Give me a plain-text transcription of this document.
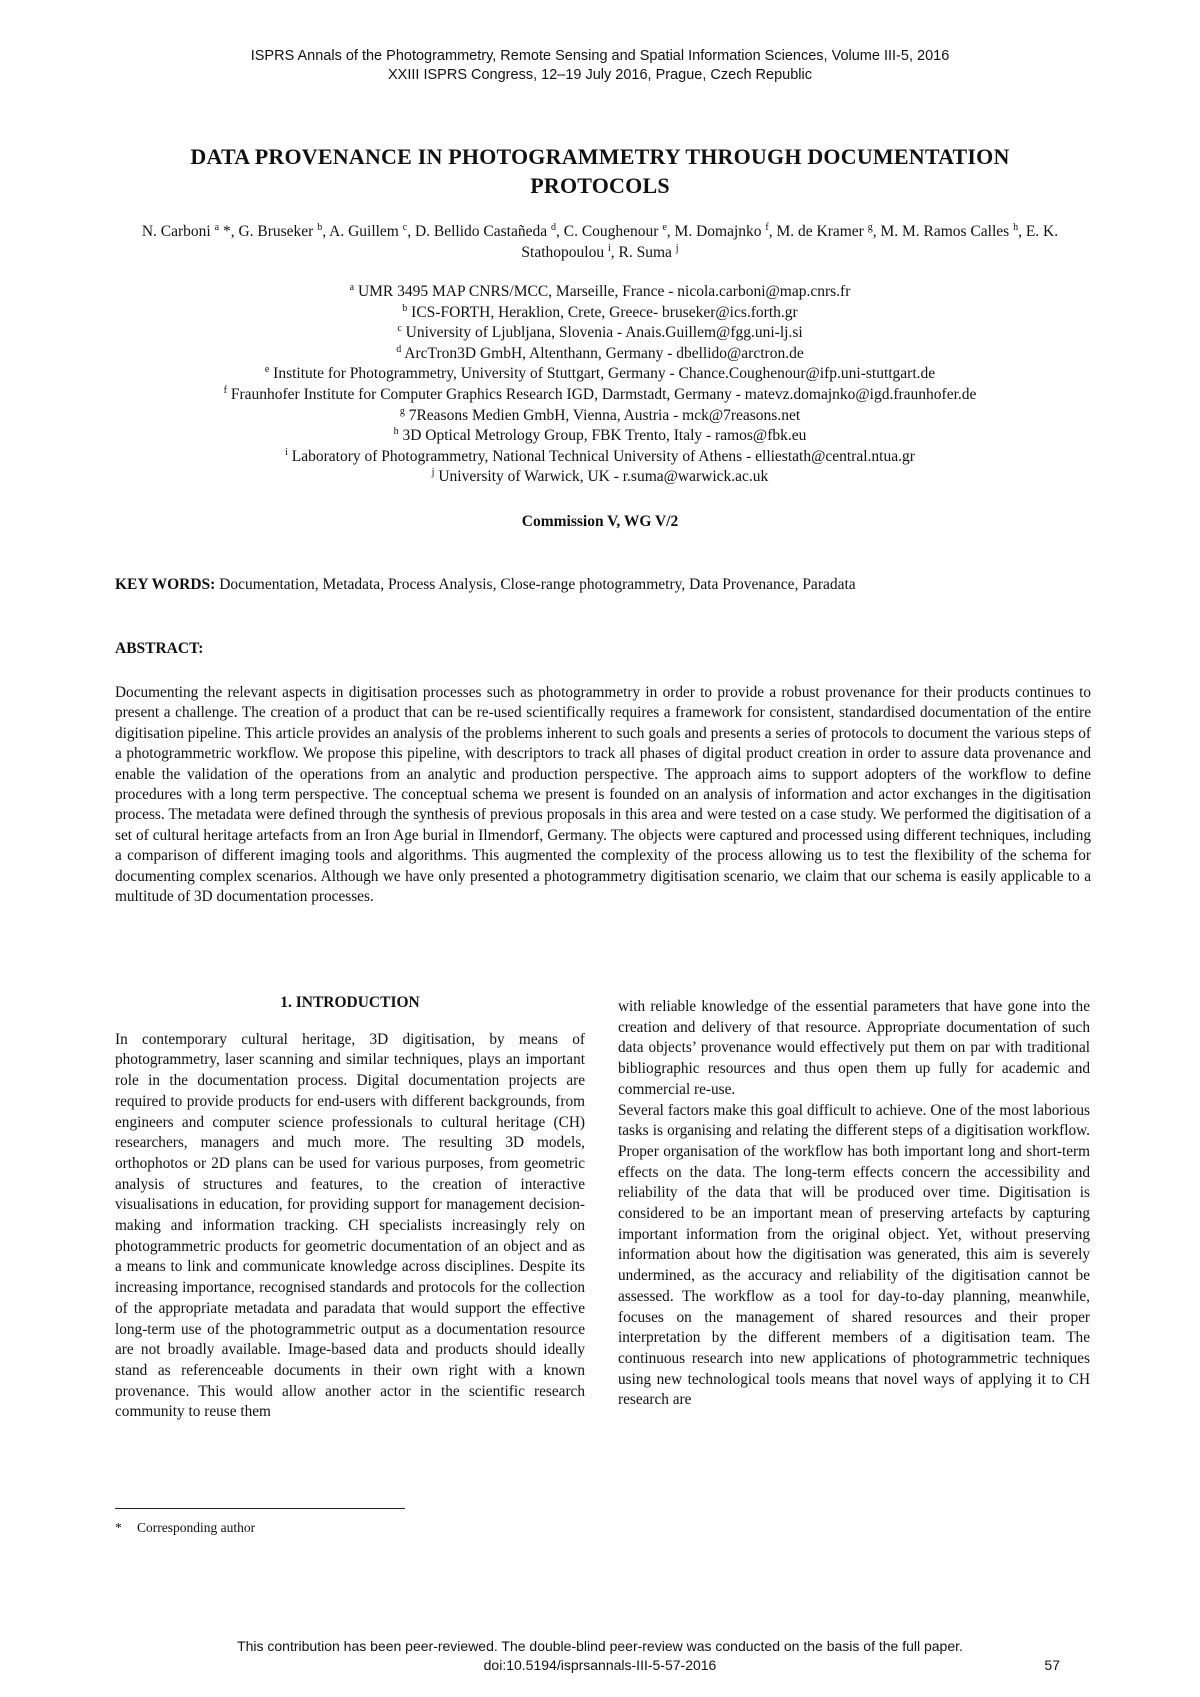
ISPRS Annals of the Photogrammetry, Remote Sensing and Spatial Information Sciences, Volume III-5, 2016
XXIII ISPRS Congress, 12–19 July 2016, Prague, Czech Republic
DATA PROVENANCE IN PHOTOGRAMMETRY THROUGH DOCUMENTATION
PROTOCOLS
N. Carboni $^a$ *, G. Bruseker $^b$, A. Guillem $^c$, D. Bellido Castañeda $^d$, C. Coughenour $^e$, M. Domajnko $^f$, M. de Kramer $^g$, M. M. Ramos Calles $^h$, E. K. Stathopoulou $^i$, R. Suma $^j$
$^a$ UMR 3495 MAP CNRS/MCC, Marseille, France - nicola.carboni@map.cnrs.fr
$^b$ ICS-FORTH, Heraklion, Crete, Greece- bruseker@ics.forth.gr
$^c$ University of Ljubljana, Slovenia - Anais.Guillem@fgg.uni-lj.si
$^d$ ArcTron3D GmbH, Altenthann, Germany - dbellido@arctron.de
$^e$ Institute for Photogrammetry, University of Stuttgart, Germany - Chance.Coughenour@ifp.uni-stuttgart.de
$^f$ Fraunhofer Institute for Computer Graphics Research IGD, Darmstadt, Germany - matevz.domajnko@igd.fraunhofer.de
$^g$ 7Reasons Medien GmbH, Vienna, Austria - mck@7reasons.net
$^h$ 3D Optical Metrology Group, FBK Trento, Italy - ramos@fbk.eu
$^i$ Laboratory of Photogrammetry, National Technical University of Athens - elliestath@central.ntua.gr
$^j$ University of Warwick, UK - r.suma@warwick.ac.uk
Commission V, WG V/2
KEY WORDS: Documentation, Metadata, Process Analysis, Close-range photogrammetry, Data Provenance, Paradata
ABSTRACT:
Documenting the relevant aspects in digitisation processes such as photogrammetry in order to provide a robust provenance for their products continues to present a challenge. The creation of a product that can be re-used scientifically requires a framework for consistent, standardised documentation of the entire digitisation pipeline. This article provides an analysis of the problems inherent to such goals and presents a series of protocols to document the various steps of a photogrammetric workflow. We propose this pipeline, with descriptors to track all phases of digital product creation in order to assure data provenance and enable the validation of the operations from an analytic and production perspective. The approach aims to support adopters of the workflow to define procedures with a long term perspective. The conceptual schema we present is founded on an analysis of information and actor exchanges in the digitisation process. The metadata were defined through the synthesis of previous proposals in this area and were tested on a case study. We performed the digitisation of a set of cultural heritage artefacts from an Iron Age burial in Ilmendorf, Germany. The objects were captured and processed using different techniques, including a comparison of different imaging tools and algorithms. This augmented the complexity of the process allowing us to test the flexibility of the schema for documenting complex scenarios. Although we have only presented a photogrammetry digitisation scenario, we claim that our schema is easily applicable to a multitude of 3D documentation processes.
1. INTRODUCTION

In contemporary cultural heritage, 3D digitisation, by means of photogrammetry, laser scanning and similar techniques, plays an important role in the documentation process. Digital documentation projects are required to provide products for end-users with different backgrounds, from engineers and computer science professionals to cultural heritage (CH) researchers, managers and much more. The resulting 3D models, orthophotos or 2D plans can be used for various purposes, from geometric analysis of structures and features, to the creation of interactive visualisations in education, for providing support for management decision-making and information tracking. CH specialists increasingly rely on photogrammetric products for geometric documentation of an object and as a means to link and communicate knowledge across disciplines. Despite its increasing importance, recognised standards and protocols for the collection of the appropriate metadata and paradata that would support the effective long-term use of the photogrammetric output as a documentation resource are not broadly available. Image-based data and products should ideally stand as referenceable documents in their own right with a known provenance. This would allow another actor in the scientific research community to reuse them

with reliable knowledge of the essential parameters that have gone into the creation and delivery of that resource. Appropriate documentation of such data objects’ provenance would effectively put them on par with traditional bibliographic resources and thus open them up fully for academic and commercial re-use.

Several factors make this goal difficult to achieve. One of the most laborious tasks is organising and relating the different steps of a digitisation workflow. Proper organisation of the workflow has both important long and short-term effects on the data. The long-term effects concern the accessibility and reliability of the data that will be produced over time. Digitisation is considered to be an important mean of preserving artefacts by capturing important information from the original object. Yet, without preserving information about how the digitisation was generated, this aim is severely undermined, as the accuracy and reliability of the digitisation cannot be assessed. The workflow as a tool for day-to-day planning, meanwhile, focuses on the management of shared resources and their proper interpretation by the different members of a digitisation team. The continuous research into new applications of photogrammetric techniques using new technological tools means that novel ways of applying it to CH research are

* Corresponding author
This contribution has been peer-reviewed. The double-blind peer-review was conducted on the basis of the full paper.
doi:10.5194/isprsannals-III-5-57-2016	57
